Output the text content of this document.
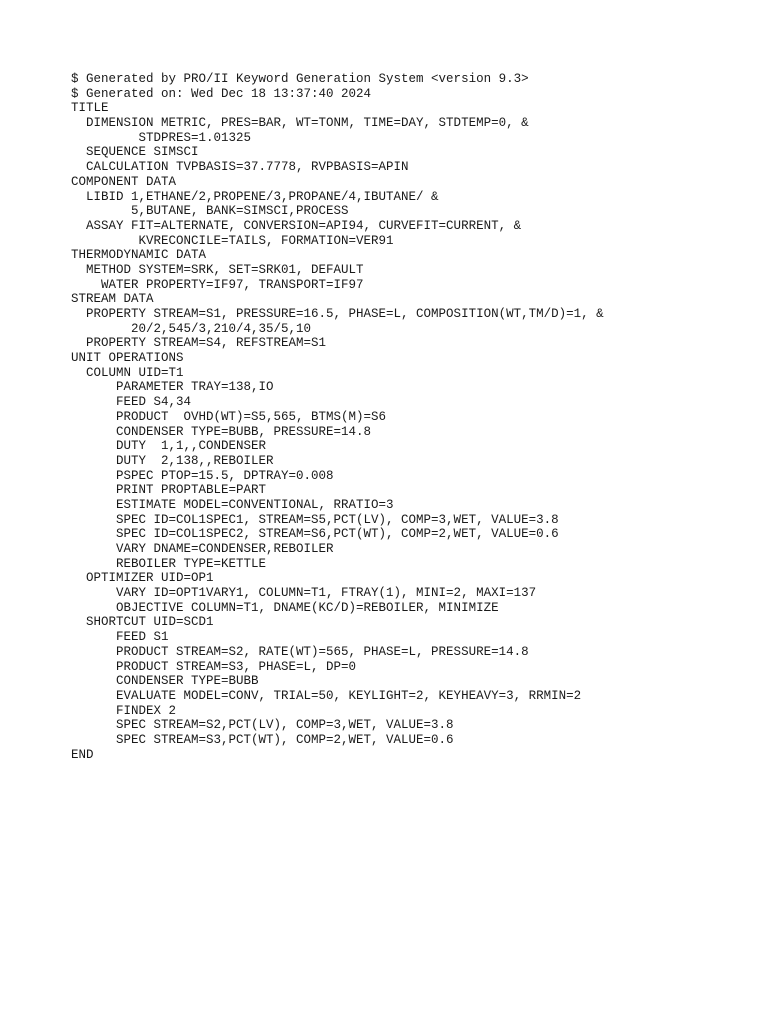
$ Generated by PRO/II Keyword Generation System <version 9.3>
$ Generated on: Wed Dec 18 13:37:40 2024
TITLE
DIMENSION METRIC, PRES=BAR, WT=TONM, TIME=DAY, STDTEMP=0, &
STDPRES=1.01325
SEQUENCE SIMSCI
CALCULATION TVPBASIS=37.7778, RVPBASIS=APIN
COMPONENT DATA
LIBID 1,ETHANE/2,PROPENE/3,PROPANE/4,IBUTANE/ &
5,BUTANE, BANK=SIMSCI,PROCESS
ASSAY FIT=ALTERNATE, CONVERSION=API94, CURVEFIT=CURRENT, &
KVRECONCILE=TAILS, FORMATION=VER91
THERMODYNAMIC DATA
METHOD SYSTEM=SRK, SET=SRK01, DEFAULT
WATER PROPERTY=IF97, TRANSPORT=IF97
STREAM DATA
PROPERTY STREAM=S1, PRESSURE=16.5, PHASE=L, COMPOSITION(WT,TM/D)=1, &
20/2,545/3,210/4,35/5,10
PROPERTY STREAM=S4, REFSTREAM=S1
UNIT OPERATIONS
COLUMN UID=T1
PARAMETER TRAY=138,IO
FEED S4,34
PRODUCT  OVHD(WT)=S5,565, BTMS(M)=S6
CONDENSER TYPE=BUBB, PRESSURE=14.8
DUTY  1,1,,CONDENSER
DUTY  2,138,,REBOILER
PSPEC PTOP=15.5, DPTRAY=0.008
PRINT PROPTABLE=PART
ESTIMATE MODEL=CONVENTIONAL, RRATIO=3
SPEC ID=COL1SPEC1, STREAM=S5,PCT(LV), COMP=3,WET, VALUE=3.8
SPEC ID=COL1SPEC2, STREAM=S6,PCT(WT), COMP=2,WET, VALUE=0.6
VARY DNAME=CONDENSER,REBOILER
REBOILER TYPE=KETTLE
OPTIMIZER UID=OP1
VARY ID=OPT1VARY1, COLUMN=T1, FTRAY(1), MINI=2, MAXI=137
OBJECTIVE COLUMN=T1, DNAME(KC/D)=REBOILER, MINIMIZE
SHORTCUT UID=SCD1
FEED S1
PRODUCT STREAM=S2, RATE(WT)=565, PHASE=L, PRESSURE=14.8
PRODUCT STREAM=S3, PHASE=L, DP=0
CONDENSER TYPE=BUBB
EVALUATE MODEL=CONV, TRIAL=50, KEYLIGHT=2, KEYHEAVY=3, RRMIN=2
FINDEX 2
SPEC STREAM=S2,PCT(LV), COMP=3,WET, VALUE=3.8
SPEC STREAM=S3,PCT(WT), COMP=2,WET, VALUE=0.6
END
